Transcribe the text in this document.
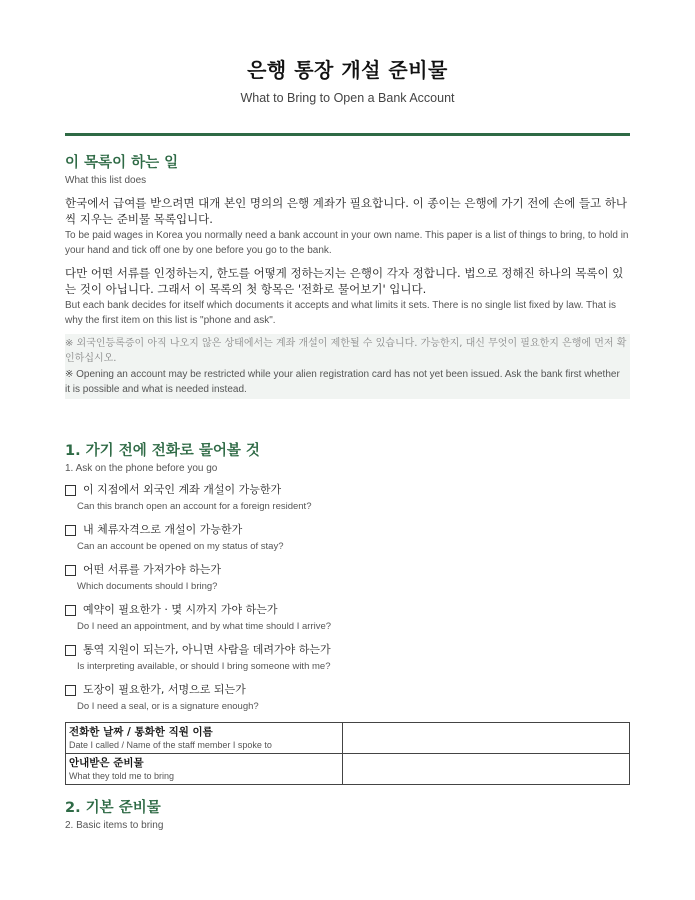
은행 통장 개설 준비물
What to Bring to Open a Bank Account
이 목록이 하는 일
What this list does
한국에서 급여를 받으려면 대개 본인 명의의 은행 계좌가 필요합니다. 이 종이는 은행에 가기 전에 손에 들고 하나씩 지우는 준비물 목록입니다.
To be paid wages in Korea you normally need a bank account in your own name. This paper is a list of things to bring, to hold in your hand and tick off one by one before you go to the bank.
다만 어떤 서류를 인정하는지, 한도를 어떻게 정하는지는 은행이 각자 정합니다. 법으로 정해진 하나의 목록이 있는 것이 아닙니다. 그래서 이 목록의 첫 항목은 '전화로 물어보기' 입니다.
But each bank decides for itself which documents it accepts and what limits it sets. There is no single list fixed by law. That is why the first item on this list is "phone and ask".
※ 외국인등록증이 아직 나오지 않은 상태에서는 계좌 개설이 제한될 수 있습니다. 가능한지, 대신 무엇이 필요한지 은행에 먼저 확인하십시오.
※ Opening an account may be restricted while your alien registration card has not yet been issued. Ask the bank first whether it is possible and what is needed instead.
1. 가기 전에 전화로 물어볼 것
1. Ask on the phone before you go
이 지점에서 외국인 계좌 개설이 가능한가
Can this branch open an account for a foreign resident?
내 체류자격으로 개설이 가능한가
Can an account be opened on my status of stay?
어떤 서류를 가져가야 하는가
Which documents should I bring?
예약이 필요한가 · 몇 시까지 가야 하는가
Do I need an appointment, and by what time should I arrive?
통역 지원이 되는가, 아니면 사람을 데려가야 하는가
Is interpreting available, or should I bring someone with me?
도장이 필요한가, 서명으로 되는가
Do I need a seal, or is a signature enough?
전화한 날짜 / 통화한 직원 이름
Date I called / Name of the staff member I spoke to	

안내받은 준비물
What they told me to bring	

2. 기본 준비물
2. Basic items to bring
